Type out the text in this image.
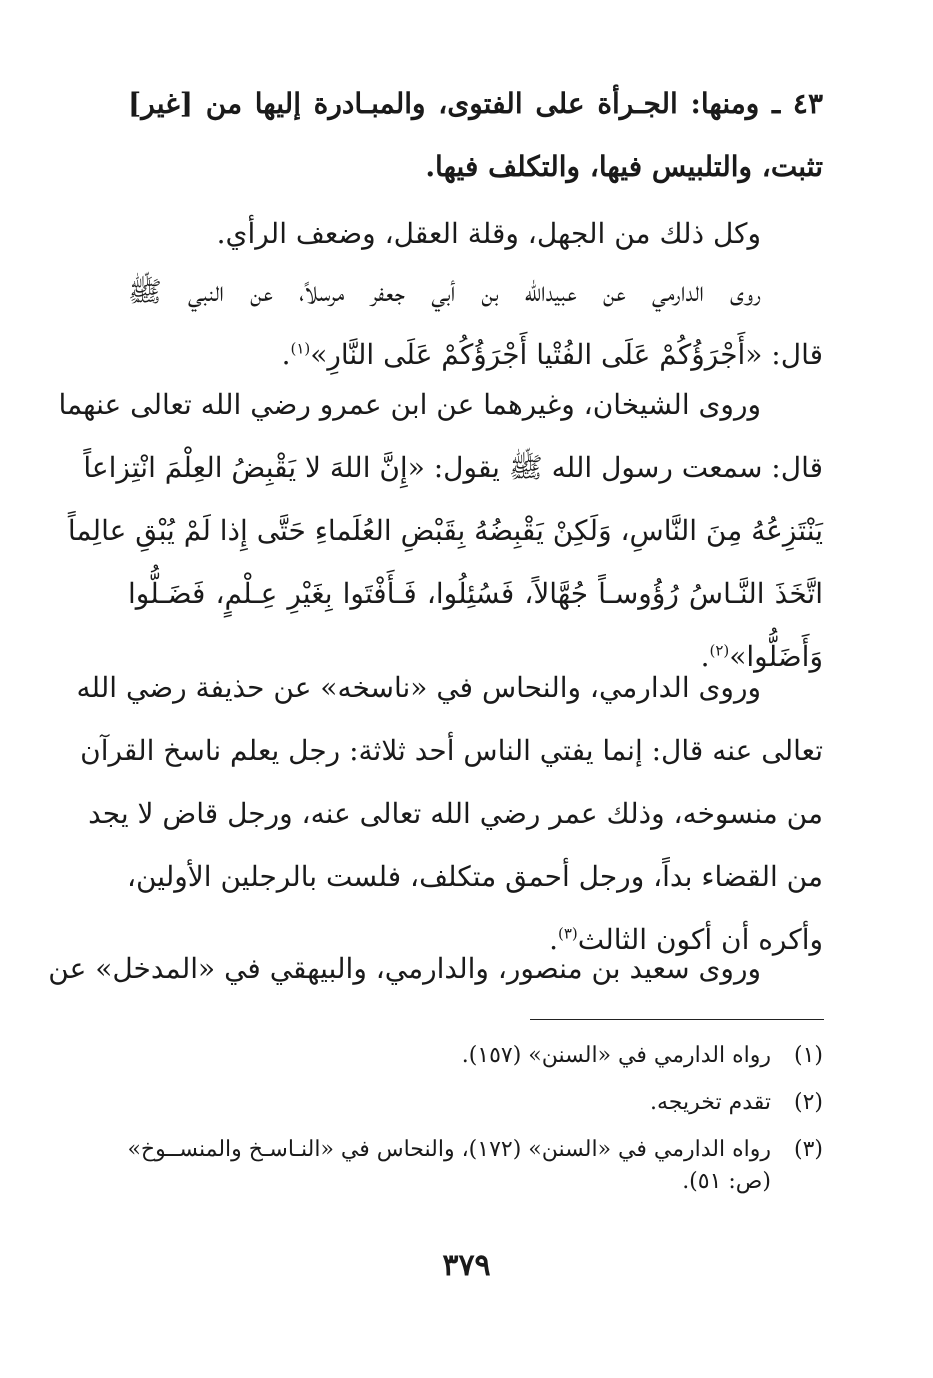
٤٣ ـ ومنها: الجـرأة على الفتوى، والمبـادرة إليها من [غير]
تثبت، والتلبيس فيها، والتكلف فيها.
وكل ذلك من الجهل، وقلة العقل، وضعف الرأي.
روى الدارمي عن عبيدالله بن أبي جعفر مرسلاً، عن النبي ﷺ
قال: «أَجْرَؤُكُمْ عَلَى الفُتْيا أَجْرَؤُكُمْ عَلَى النَّارِ»$^{(١)}$.
وروى الشيخان، وغيرهما عن ابن عمرو رضي الله تعالى عنهما
قال: سمعت رسول الله ﷺ يقول: «إِنَّ اللهَ لا يَقْبِضُ العِلْمَ انْتِزاعاً
يَنْتَزِعُهُ مِنَ النَّاسِ، وَلَكِنْ يَقْبِضُهُ بِقَبْضِ العُلَماءِ حَتَّى إِذا لَمْ يُبْقِ عالِماً
اتَّخَذَ النَّـاسُ رُؤُوسـاً جُهَّالاً، فَسُئِلُوا، فَـأَفْتَوا بِغَيْرِ عِـلْمٍ، فَضَـلُّوا
وَأَضَلُّوا»$^{(٢)}$.
وروى الدارمي، والنحاس في «ناسخه» عن حذيفة رضي الله
تعالى عنه قال: إنما يفتي الناس أحد ثلاثة: رجل يعلم ناسخ القرآن
من منسوخه، وذلك عمر رضي الله تعالى عنه، ورجل قاض لا يجد
من القضاء بداً، ورجل أحمق متكلف، فلست بالرجلين الأولين،
وأكره أن أكون الثالث$^{(٣)}$.
وروى سعيد بن منصور، والدارمي، والبيهقي في «المدخل» عن
(١)
رواه الدارمي في «السنن» (١٥٧).
(٢)
تقدم تخريجه.
(٣)
رواه الدارمي في «السنن» (١٧٢)، والنحاس في «النـاسـخ والمنســوخ»
(ص: ٥١).
٣٧٩
